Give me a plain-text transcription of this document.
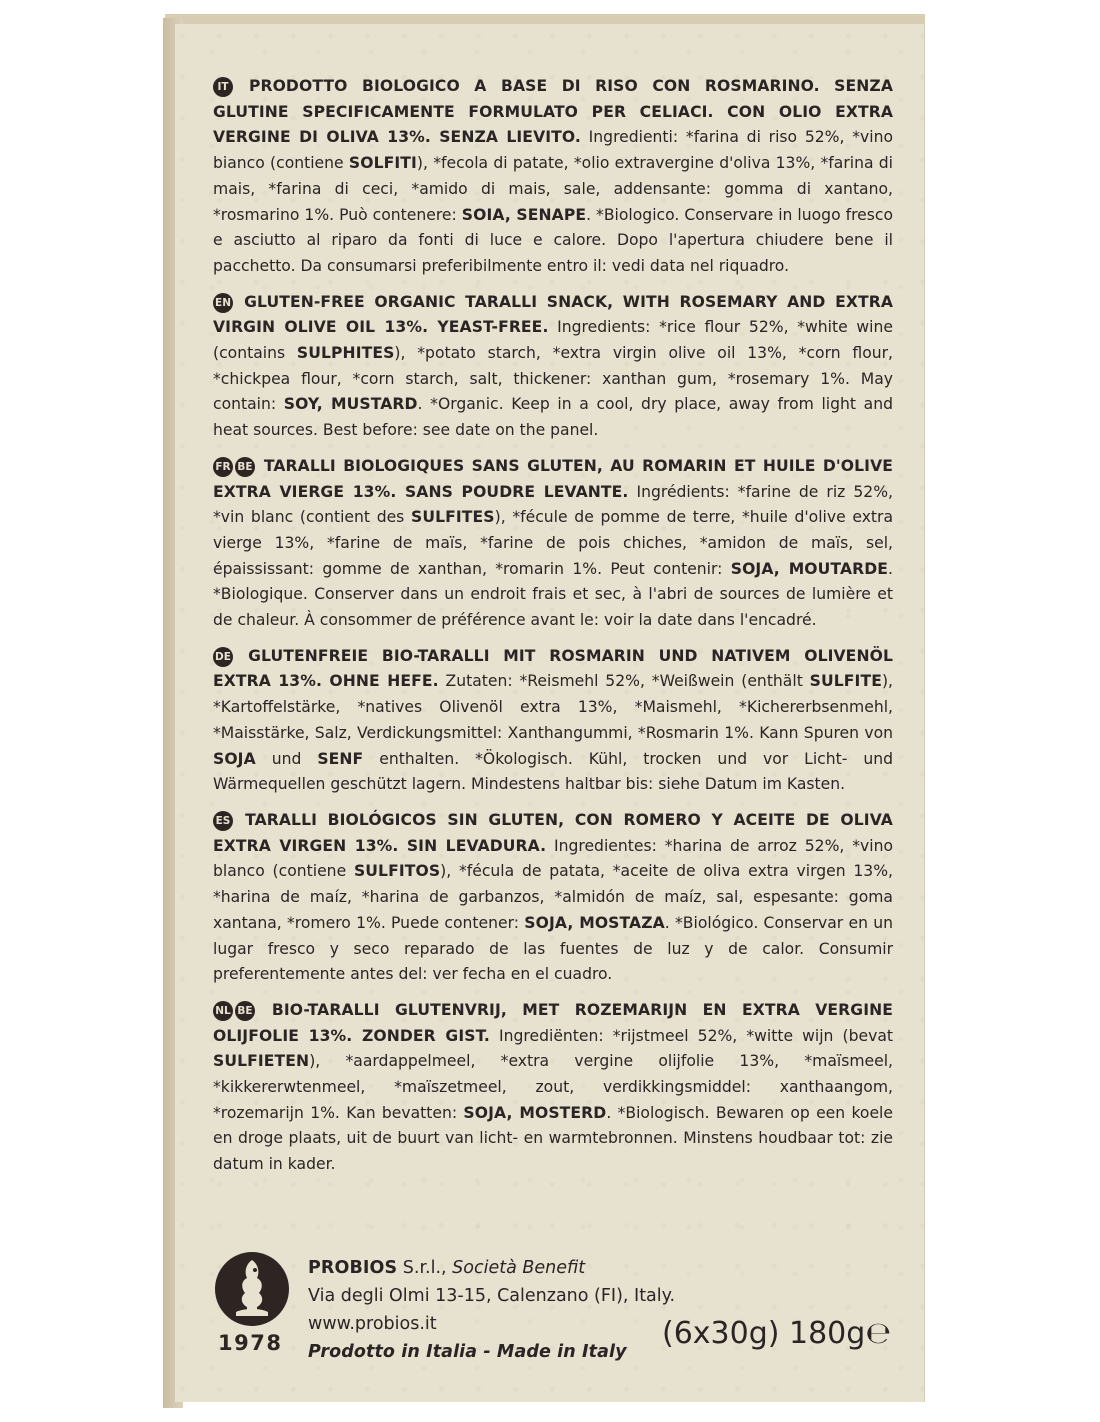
IT PRODOTTO BIOLOGICO A BASE DI RISO CON ROSMARINO. SENZA GLUTINE SPECIFICAMENTE FORMULATO PER CELIACI. CON OLIO EXTRA VERGINE DI OLIVA 13%. SENZA LIEVITO. Ingredienti: *farina di riso 52%, *vino bianco (contiene SOLFITI), *fecola di patate, *olio extravergine d'oliva 13%, *farina di mais, *farina di ceci, *amido di mais, sale, addensante: gomma di xantano, *rosmarino 1%. Può contenere: SOIA, SENAPE. *Biologico. Conservare in luogo fresco e asciutto al riparo da fonti di luce e calore. Dopo l'apertura chiudere bene il pacchetto. Da consumarsi preferibilmente entro il: vedi data nel riquadro.
EN GLUTEN-FREE ORGANIC TARALLI SNACK, WITH ROSEMARY AND EXTRA VIRGIN OLIVE OIL 13%. YEAST-FREE. Ingredients: *rice flour 52%, *white wine (contains SULPHITES), *potato starch, *extra virgin olive oil 13%, *corn flour, *chickpea flour, *corn starch, salt, thickener: xanthan gum, *rosemary 1%. May contain: SOY, MUSTARD. *Organic. Keep in a cool, dry place, away from light and heat sources. Best before: see date on the panel.
FR BE TARALLI BIOLOGIQUES SANS GLUTEN, AU ROMARIN ET HUILE D'OLIVE EXTRA VIERGE 13%. SANS POUDRE LEVANTE. Ingrédients: *farine de riz 52%, *vin blanc (contient des SULFITES), *fécule de pomme de terre, *huile d'olive extra vierge 13%, *farine de maïs, *farine de pois chiches, *amidon de maïs, sel, épaississant: gomme de xanthan, *romarin 1%. Peut contenir: SOJA, MOUTARDE. *Biologique. Conserver dans un endroit frais et sec, à l'abri de sources de lumière et de chaleur. À consommer de préférence avant le: voir la date dans l'encadré.
DE GLUTENFREIE BIO-TARALLI MIT ROSMARIN UND NATIVEM OLIVENÖL EXTRA 13%. OHNE HEFE. Zutaten: *Reismehl 52%, *Weißwein (enthält SULFITE), *Kartoffelstärke, *natives Olivenöl extra 13%, *Maismehl, *Kichererbsenmehl, *Maisstärke, Salz, Verdickungsmittel: Xanthangummi, *Rosmarin 1%. Kann Spuren von SOJA und SENF enthalten. *Ökologisch. Kühl, trocken und vor Licht- und Wärmequellen geschützt lagern. Mindestens haltbar bis: siehe Datum im Kasten.
ES TARALLI BIOLÓGICOS SIN GLUTEN, CON ROMERO Y ACEITE DE OLIVA EXTRA VIRGEN 13%. SIN LEVADURA. Ingredientes: *harina de arroz 52%, *vino blanco (contiene SULFITOS), *fécula de patata, *aceite de oliva extra virgen 13%, *harina de maíz, *harina de garbanzos, *almidón de maíz, sal, espesante: goma xantana, *romero 1%. Puede contener: SOJA, MOSTAZA. *Biológico. Conservar en un lugar fresco y seco reparado de las fuentes de luz y de calor. Consumir preferentemente antes del: ver fecha en el cuadro.
NL BE BIO-TARALLI GLUTENVRIJ, MET ROZEMARIJN EN EXTRA VERGINE OLIJFOLIE 13%. ZONDER GIST. Ingrediënten: *rijstmeel 52%, *witte wijn (bevat SULFIETEN), *aardappelmeel, *extra vergine olijfolie 13%, *maïsmeel, *kikkererwtenmeel, *maïszetmeel, zout, verdikkingsmiddel: xanthaangom, *rozemarijn 1%. Kan bevatten: SOJA, MOSTERD. *Biologisch. Bewaren op een koele en droge plaats, uit de buurt van licht- en warmtebronnen. Minstens houdbaar tot: zie datum in kader.
1978
PROBIOS S.r.l., Società Benefit
Via degli Olmi 13-15, Calenzano (FI), Italy.
www.probios.it
Prodotto in Italia - Made in Italy
(6x30g) 180g℮
